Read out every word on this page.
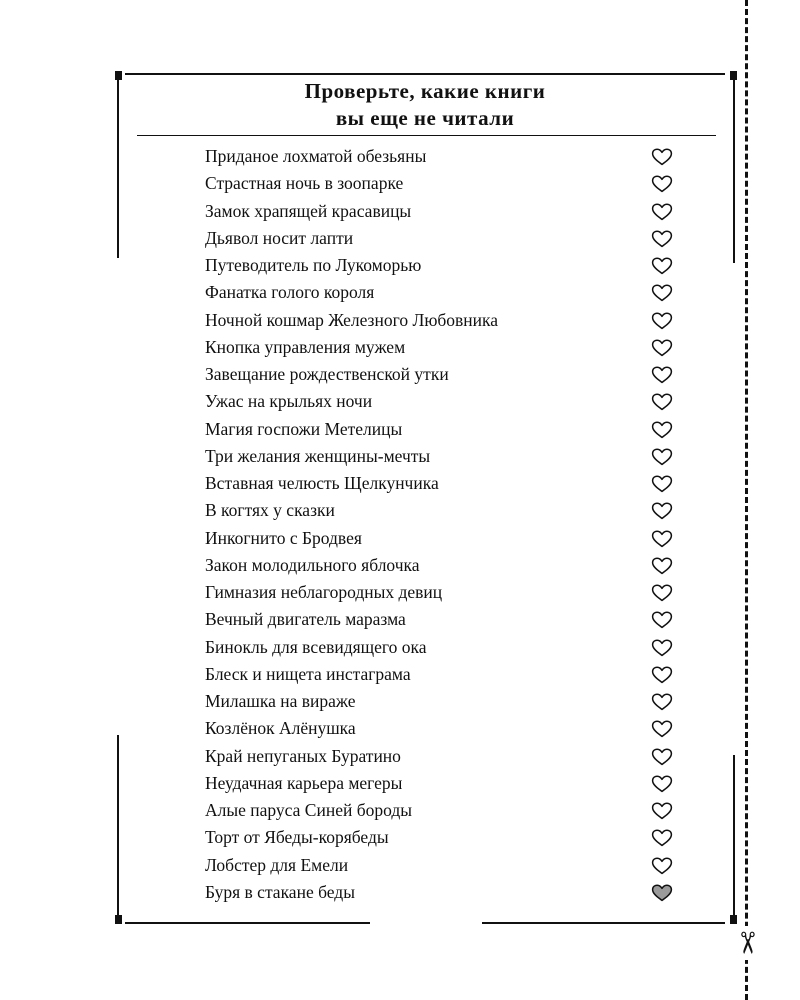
✂
Проверьте, какие книги
вы еще не читали
Приданое лохматой обезьяны
Страстная ночь в зоопарке
Замок храпящей красавицы
Дьявол носит лапти
Путеводитель по Лукоморью
Фанатка голого короля
Ночной кошмар Железного Любовника
Кнопка управления мужем
Завещание рождественской утки
Ужас на крыльях ночи
Магия госпожи Метелицы
Три желания женщины-мечты
Вставная челюсть Щелкунчика
В когтях у сказки
Инкогнито с Бродвея
Закон молодильного яблочка
Гимназия неблагородных девиц
Вечный двигатель маразма
Бинокль для всевидящего ока
Блеск и нищета инстаграма
Милашка на вираже
Козлёнок Алёнушка
Край непуганых Буратино
Неудачная карьера мегеры
Алые паруса Синей бороды
Торт от Ябеды-корябеды
Лобстер для Емели
Буря в стакане беды
